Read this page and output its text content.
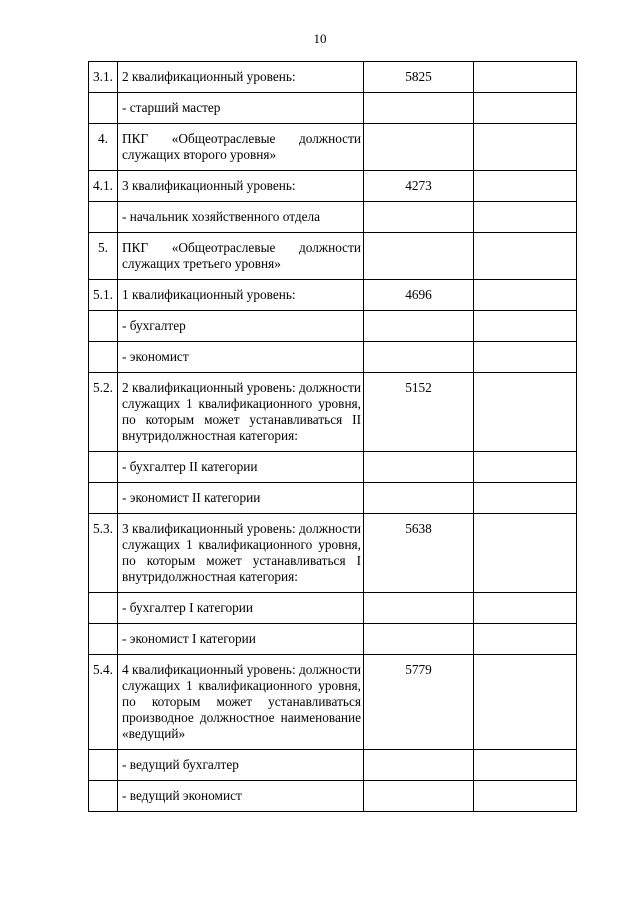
10
3.1.	2 квалификационный уровень:	5825	

	- старший мастер		

4.	ПКГ «Общеотраслевые должности служащих второго уровня»		

4.1.	3 квалификационный уровень:	4273	

	- начальник хозяйственного отдела		

5.	ПКГ «Общеотраслевые должности служащих третьего уровня»		

5.1.	1 квалификационный уровень:	4696	

	- бухгалтер		

	- экономист		

5.2.	2 квалификационный уровень: должности служащих 1 квалификационного уровня, по которым может устанавливаться II внутридолжностная категория:	5152	

	- бухгалтер II категории		

	- экономист II категории		

5.3.	3 квалификационный уровень: должности служащих 1 квалификационного уровня, по которым может устанавливаться I внутридолжностная категория:	5638	

	- бухгалтер I категории		

	- экономист I категории		

5.4.	4 квалификационный уровень: должности служащих 1 квалификационного уровня, по которым может устанавливаться производное должностное наименование «ведущий»	5779	

	- ведущий бухгалтер		

	- ведущий экономист		
